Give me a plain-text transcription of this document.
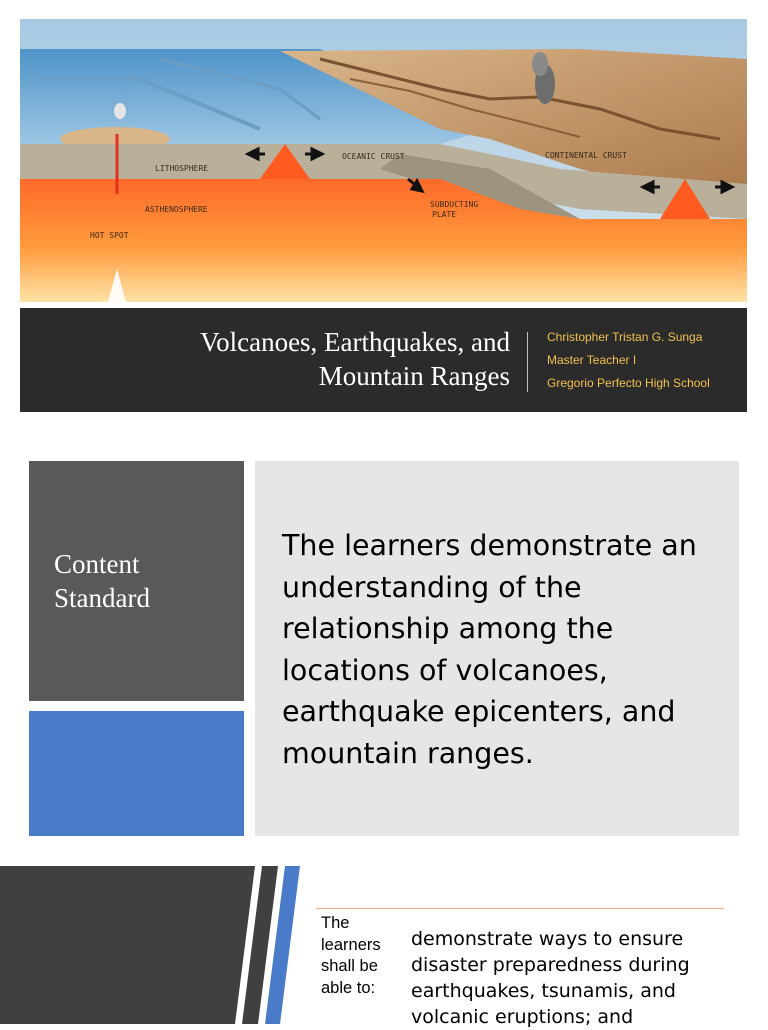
LITHOSPHERE
ASTHENOSPHERE
HOT SPOT
OCEANIC CRUST	CONTINENTAL CRUST
SUBDUCTING
PLATE
Volcanoes, Earthquakes, and
Mountain Ranges
Christopher Tristan G. Sunga
Master Teacher I
Gregorio Perfecto High School
Content
Standard
The learners demonstrate an understanding of the relationship among the locations of volcanoes, earthquake epicenters, and mountain ranges.
The learners shall be able to:
demonstrate ways to ensure disaster preparedness during earthquakes, tsunamis, and volcanic eruptions; and
